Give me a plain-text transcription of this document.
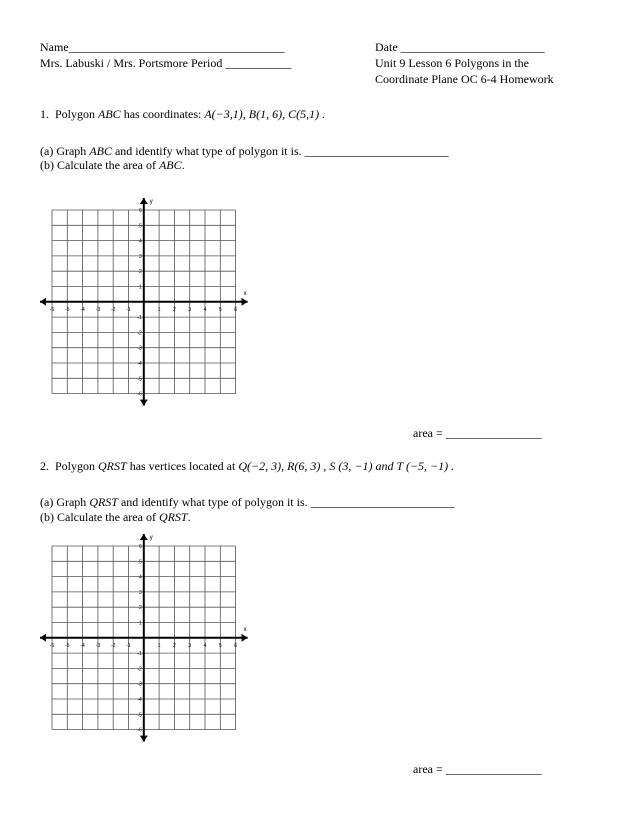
Name____________________________________	Date ________________________
Mrs. Labuski / Mrs. Portsmore Period ___________	Unit 9 Lesson 6 Polygons in the
Coordinate Plane OC 6-4 Homework
1. Polygon ABC has coordinates: A(−3,1), B(1, 6), C(5,1) .
(a) Graph ABC and identify what type of polygon it is. ________________________
(b) Calculate the area of ABC.
x
y
-6 -5 -4 -3 -2 -1	1	2	3	4	5	6
6
5
4
3
2
1
-1
-2
-3
-4
-5
-6
area = ________________
2. Polygon QRST has vertices located at Q(−2, 3), R(6, 3) , S (3, −1) and T (−5, −1) .
(a) Graph QRST and identify what type of polygon it is. ________________________
(b) Calculate the area of QRST.
x
y
-6 -5 -4 -3 -2 -1	1	2	3	4	5	6
6
5
4
3
2
1
-1
-2
-3
-4
-5
-6
area = ________________
